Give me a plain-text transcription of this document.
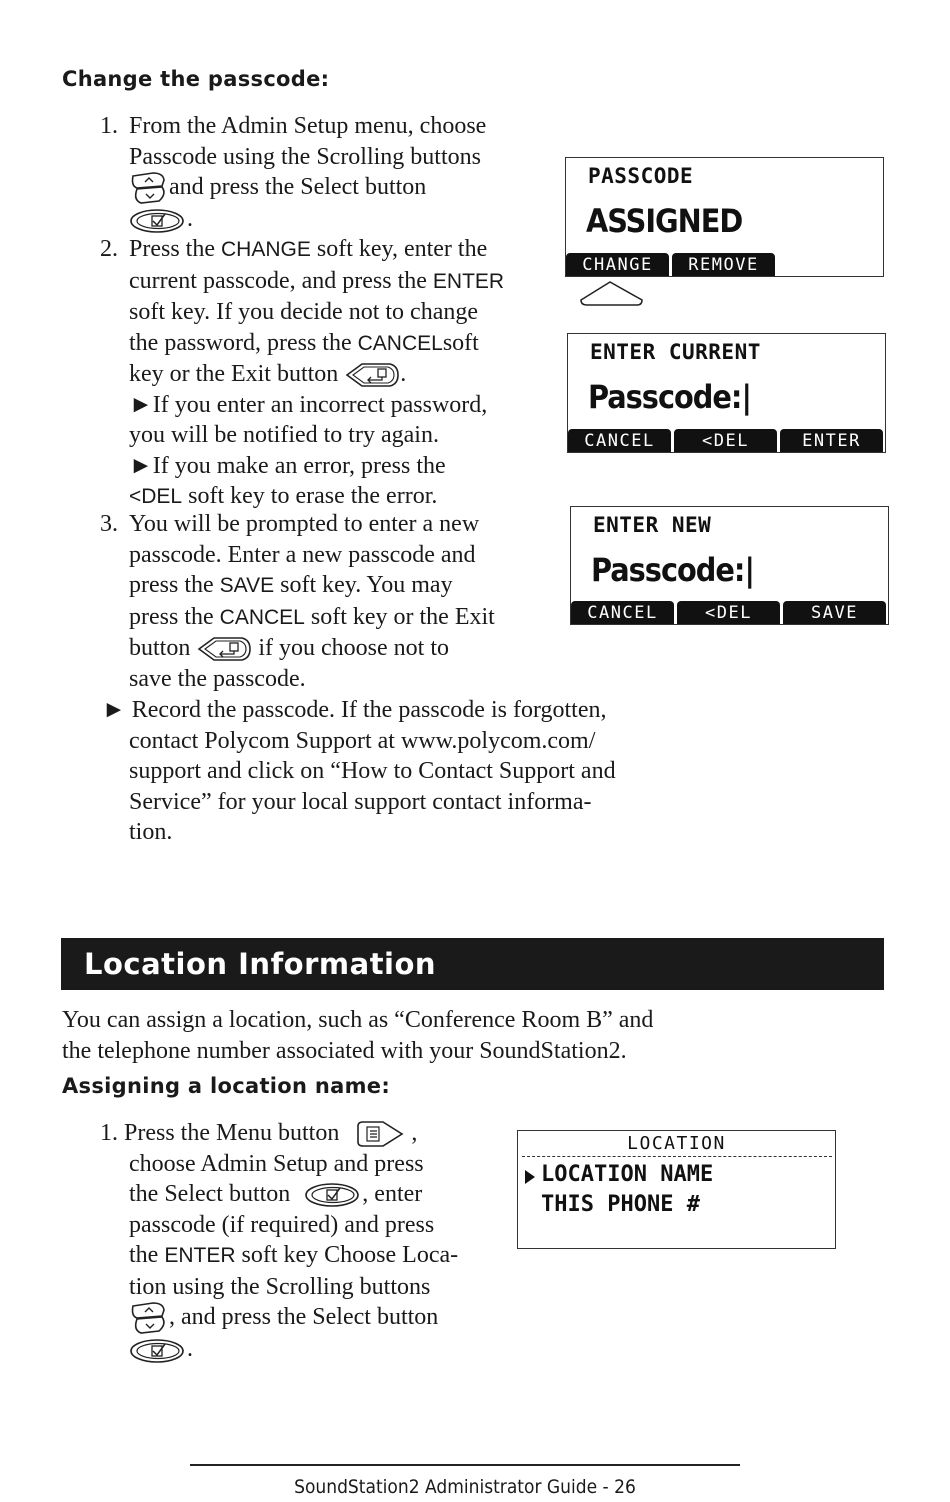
Change the passcode:
1. From the Admin Setup menu, choose
Passcode using the Scrolling buttons
and press the Select button
.
2. Press the CHANGE soft key, enter the
current passcode, and press the ENTER
soft key. If you decide not to change
the password, press the CANCELsoft
key or the Exit button	.
►If you enter an incorrect password,
you will be notified to try again.
►If you make an error, press the
<DEL soft key to erase the error.
3. You will be prompted to enter a new
passcode. Enter a new passcode and
press the SAVE soft key. You may
press the CANCEL soft key or the Exit
button	if you choose not to
save the passcode.
► Record the passcode. If the passcode is forgotten,
contact Polycom Support at www.polycom.com/
support and click on “How to Contact Support and
Service” for your local support contact informa-
tion.
PASSCODE
ASSIGNED
CHANGE	REMOVE
ENTER CURRENT
Passcode:|
CANCEL	<DEL	ENTER
ENTER NEW
Passcode:|
CANCEL	<DEL	SAVE
Location Information
You can assign a location, such as “Conference Room B” and
the telephone number associated with your SoundStation2.
Assigning a location name:
1. Press the Menu button	,
choose Admin Setup and press
the Select button	, enter
passcode (if required) and press
the ENTER soft key Choose Loca-
tion using the Scrolling buttons
, and press the Select button
.
LOCATION
LOCATION NAME
THIS PHONE #
SoundStation2 Administrator Guide - 26
